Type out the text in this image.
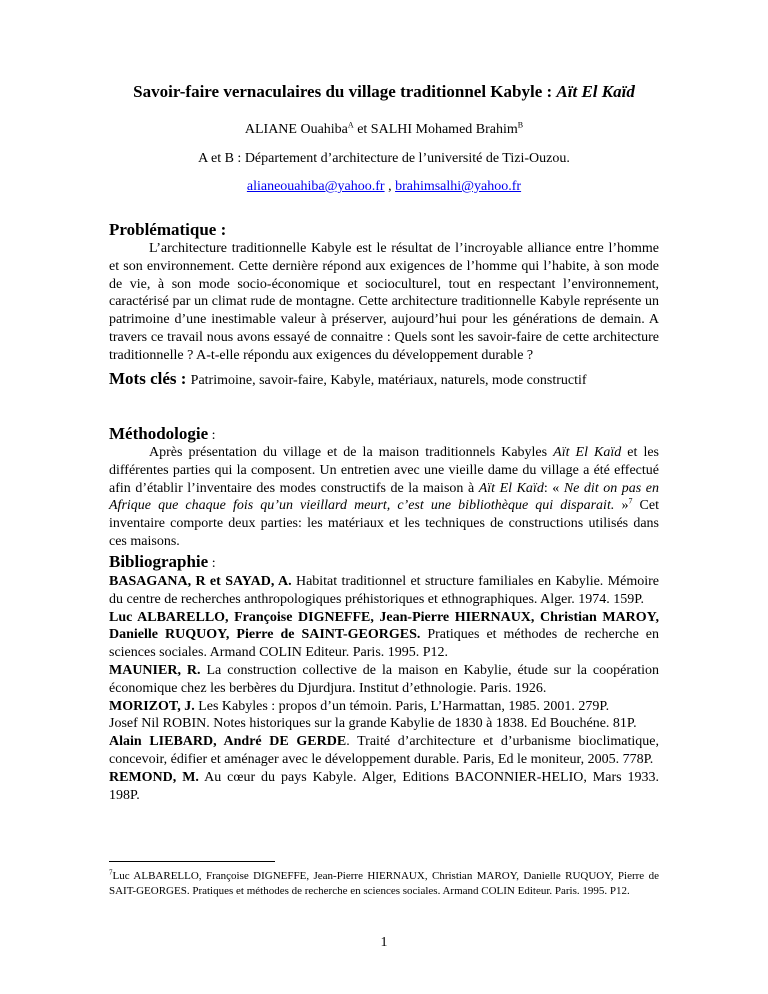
Savoir-faire vernaculaires du village traditionnel Kabyle : Aït El Kaïd
ALIANE Ouahiba$^A$ et SALHI Mohamed Brahim$^B$
A et B : Département d’architecture de l’université de Tizi-Ouzou.
alianeouahiba@yahoo.fr , brahimsalhi@yahoo.fr
Problématique :

L’architecture traditionnelle Kabyle est le résultat de l’incroyable alliance entre l’homme et son environnement. Cette dernière répond aux exigences de l’homme qui l’habite, à son mode de vie, à son mode socio-économique et socioculturel, tout en respectant l’environnement, caractérisé par un climat rude de montagne. Cette architecture traditionnelle Kabyle représente un patrimoine d’une inestimable valeur à préserver, aujourd’hui pour les générations de demain. A travers ce travail nous avons essayé de connaitre : Quels sont les savoir-faire de cette architecture traditionnelle ? A-t-elle répondu aux exigences du développement durable ?

Mots clés : Patrimoine, savoir-faire, Kabyle, matériaux, naturels, mode constructif
Méthodologie :

Après présentation du village et de la maison traditionnels Kabyles Aït El Kaïd et les différentes parties qui la composent. Un entretien avec une vieille dame du village a été effectué afin d’établir l’inventaire des modes constructifs de la maison à Aït El Kaïd: « Ne dit on pas en Afrique que chaque fois qu’un vieillard meurt, c’est une bibliothèque qui disparait. »$^7$ Cet inventaire comporte deux parties: les matériaux et les techniques de constructions utilisés dans ces maisons.

Bibliographie :

BASAGANA, R et SAYAD, A. Habitat traditionnel et structure familiales en Kabylie. Mémoire du centre de recherches anthropologiques préhistoriques et ethnographiques. Alger. 1974. 159P.

Luc ALBARELLO, Françoise DIGNEFFE, Jean-Pierre HIERNAUX, Christian MAROY, Danielle RUQUOY, Pierre de SAINT-GEORGES. Pratiques et méthodes de recherche en sciences sociales. Armand COLIN Editeur. Paris. 1995. P12.

MAUNIER, R. La construction collective de la maison en Kabylie, étude sur la coopération économique chez les berbères du Djurdjura. Institut d’ethnologie. Paris. 1926.

MORIZOT, J. Les Kabyles : propos d’un témoin. Paris, L’Harmattan, 1985. 2001. 279P.

Josef Nil ROBIN. Notes historiques sur la grande Kabylie de 1830 à 1838. Ed Bouchéne. 81P.

Alain LIEBARD, André DE GERDE. Traité d’architecture et d’urbanisme bioclimatique, concevoir, édifier et aménager avec le développement durable. Paris, Ed le moniteur, 2005. 778P.

REMOND, M. Au cœur du pays Kabyle. Alger, Editions BACONNIER-HELIO, Mars 1933. 198P.

$^7$Luc ALBARELLO, Françoise DIGNEFFE, Jean-Pierre HIERNAUX, Christian MAROY, Danielle RUQUOY, Pierre de SAIT-GEORGES. Pratiques et méthodes de recherche en sciences sociales. Armand COLIN Editeur. Paris. 1995. P12.

1
